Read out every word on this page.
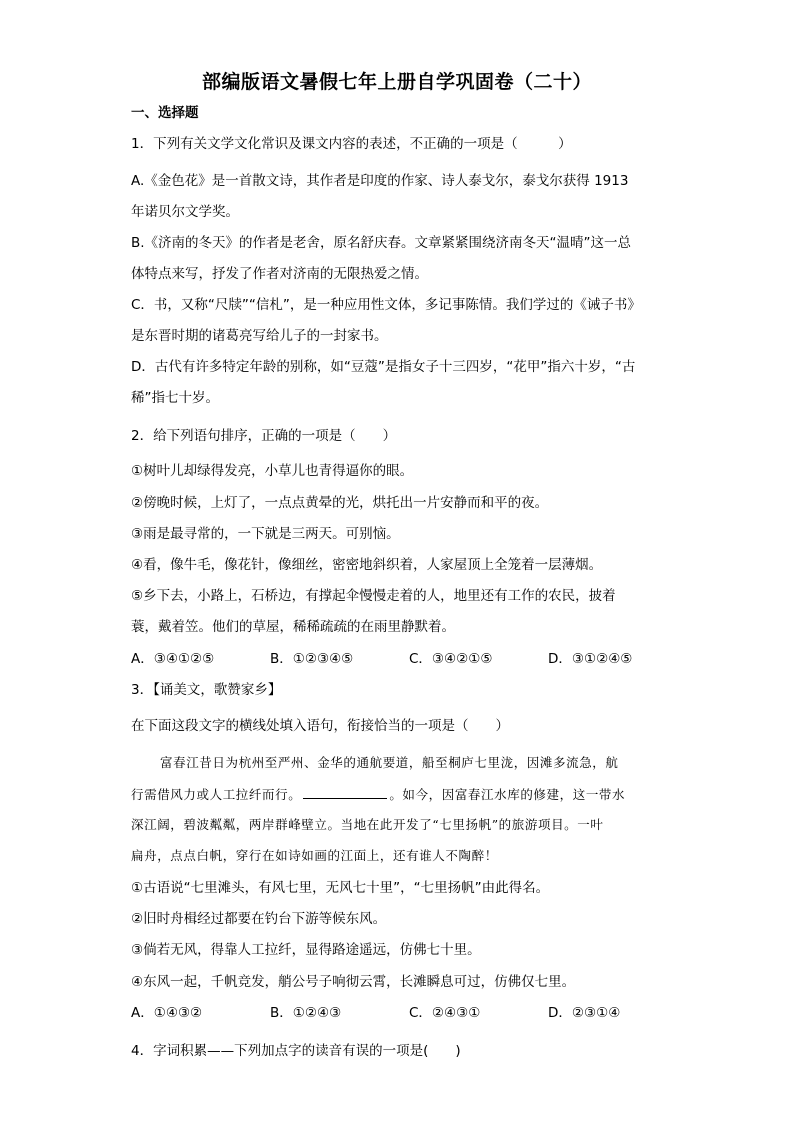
部编版语文暑假七年上册自学巩固卷（二十）
一、选择题
1．下列有关文学文化常识及课文内容的表述，不正确的一项是（　　　）
A.《金色花》是一首散文诗，其作者是印度的作家、诗人泰戈尔，泰戈尔获得 1913
年诺贝尔文学奖。
B.《济南的冬天》的作者是老舍，原名舒庆春。文章紧紧围绕济南冬天“温晴”这一总
体特点来写，抒发了作者对济南的无限热爱之情。
C．书，又称“尺牍”“信札”，是一种应用性文体，多记事陈情。我们学过的《诫子书》
是东晋时期的诸葛亮写给儿子的一封家书。
D．古代有许多特定年龄的别称，如“豆蔻”是指女子十三四岁，“花甲”指六十岁，“古
稀”指七十岁。
2．给下列语句排序，正确的一项是（　　）
①树叶儿却绿得发亮，小草儿也青得逼你的眼。
②傍晚时候，上灯了，一点点黄晕的光，烘托出一片安静而和平的夜。
③雨是最寻常的，一下就是三两天。可别恼。
④看，像牛毛，像花针，像细丝，密密地斜织着，人家屋顶上全笼着一层薄烟。
⑤乡下去，小路上，石桥边，有撑起伞慢慢走着的人，地里还有工作的农民，披着
蓑，戴着笠。他们的草屋，稀稀疏疏的在雨里静默着。
A．③④①②⑤	B．①②③④⑤	C．③④②①⑤	D．③①②④⑤
3．【诵美文，歌赞家乡】
在下面这段文字的横线处填入语句，衔接恰当的一项是（　　）
富春江昔日为杭州至严州、金华的通航要道，船至桐庐七里泷，因滩多流急，航
行需借风力或人工拉纤而行。	。如今，因富春江水库的修建，这一带水
深江阔，碧波粼粼，两岸群峰壁立。当地在此开发了“七里扬帆”的旅游项目。一叶
扁舟，点点白帆，穿行在如诗如画的江面上，还有谁人不陶醉！
①古语说“七里滩头，有风七里，无风七十里”，“七里扬帆”由此得名。
②旧时舟楫经过都要在钓台下游等候东风。
③倘若无风，得靠人工拉纤，显得路途遥远，仿佛七十里。
④东风一起，千帆竞发，艄公号子响彻云霄，长滩瞬息可过，仿佛仅七里。
A．①④③②	B．①②④③	C．②④③①	D．②③①④
4．字词积累——下列加点字的读音有误的一项是(　　)
